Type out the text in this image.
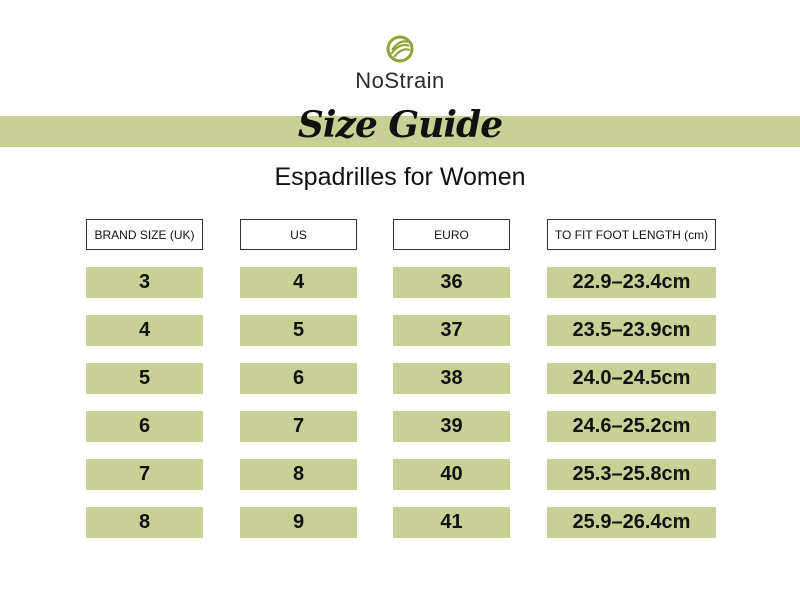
NoStrain
Size Guide
Espadrilles for Women
BRAND SIZE (UK)	US	EURO	TO FIT FOOT LENGTH (cm)
3	4	36	22.9–23.4cm
4	5	37	23.5–23.9cm
5	6	38	24.0–24.5cm
6	7	39	24.6–25.2cm
7	8	40	25.3–25.8cm
8	9	41	25.9–26.4cm
